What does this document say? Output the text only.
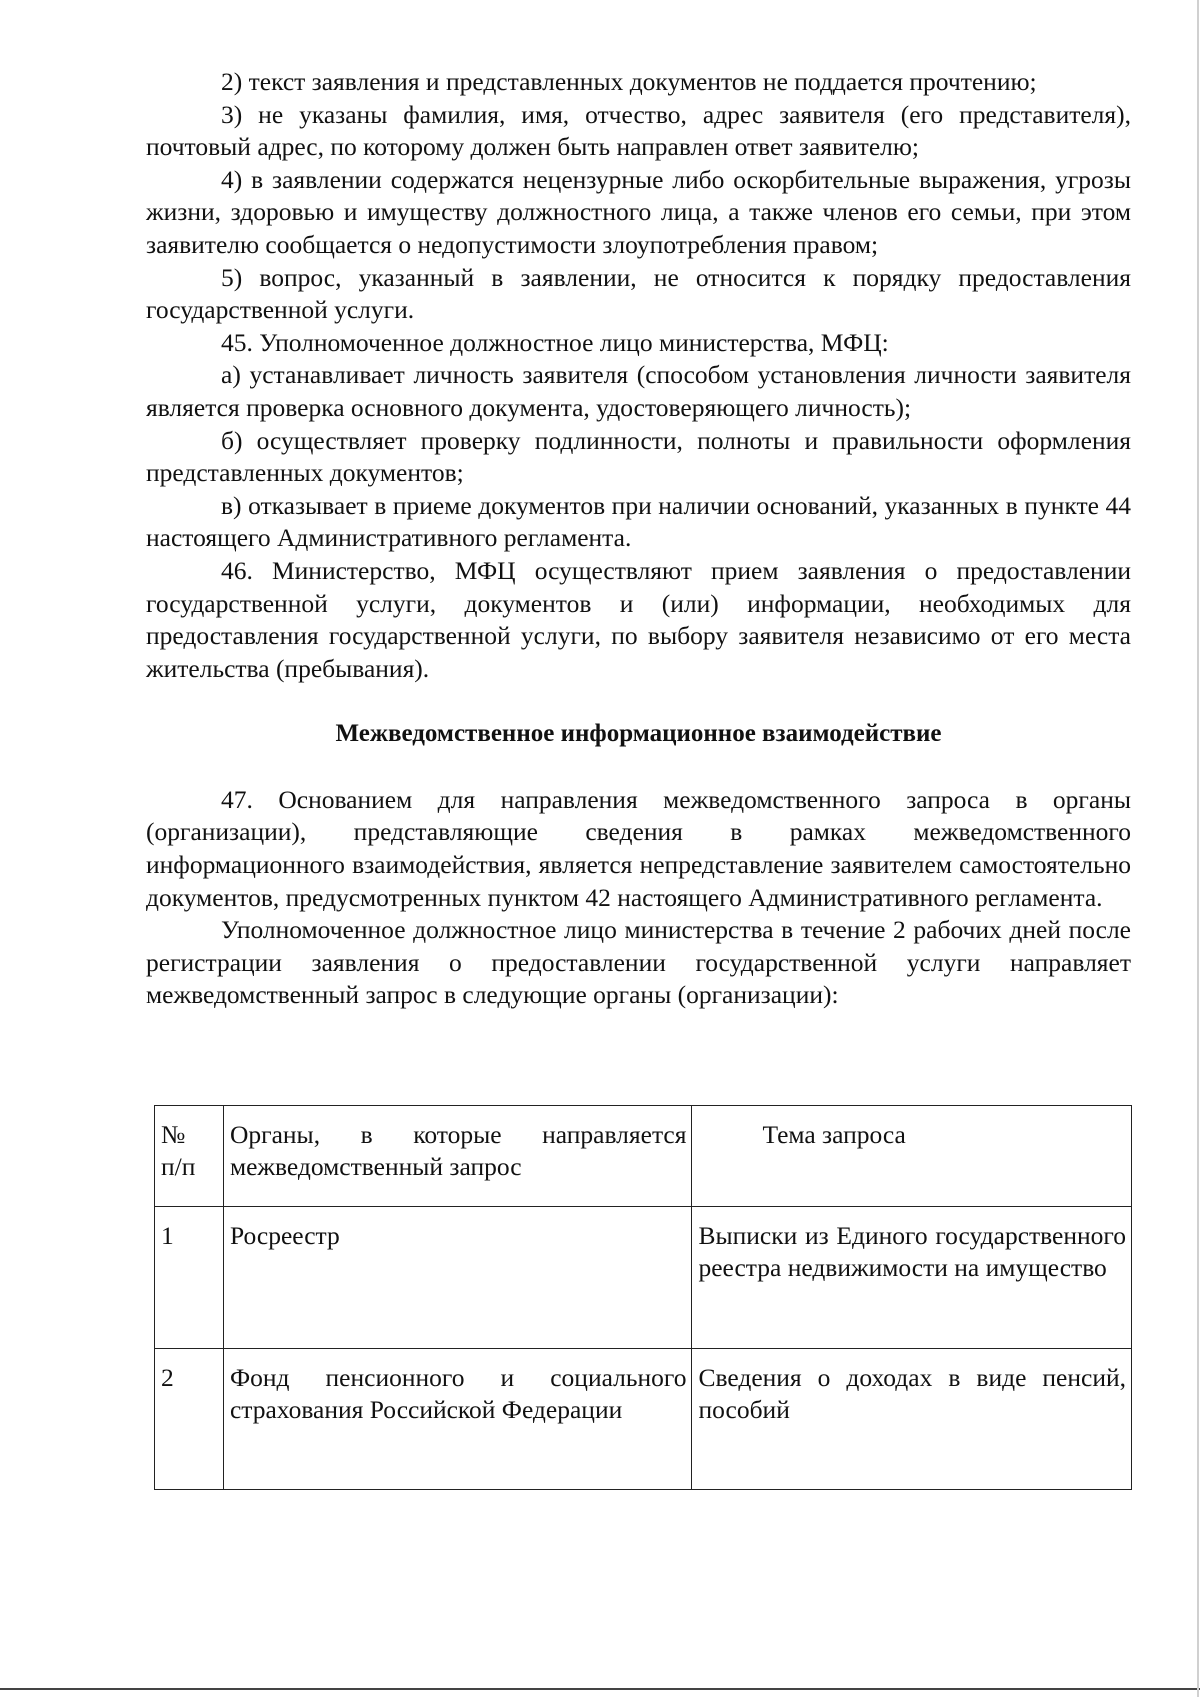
2) текст заявления и представленных документов не поддается прочтению;

3) не указаны фамилия, имя, отчество, адрес заявителя (его представителя), почтовый адрес, по которому должен быть направлен ответ заявителю;

4) в заявлении содержатся нецензурные либо оскорбительные выражения, угрозы жизни, здоровью и имуществу должностного лица, а также членов его семьи, при этом заявителю сообщается о недопустимости злоупотребления правом;

5) вопрос, указанный в заявлении, не относится к порядку предоставления государственной услуги.

45. Уполномоченное должностное лицо министерства, МФЦ:

а) устанавливает личность заявителя (способом установления личности заявителя является проверка основного документа, удостоверяющего личность);

б) осуществляет проверку подлинности, полноты и правильности оформления представленных документов;

в) отказывает в приеме документов при наличии оснований, указанных в пункте 44 настоящего Административного регламента.

46. Министерство, МФЦ осуществляют прием заявления о предоставлении государственной услуги, документов и (или) информации, необходимых для предоставления государственной услуги, по выбору заявителя независимо от его места жительства (пребывания).

Межведомственное информационное взаимодействие

47. Основанием для направления межведомственного запроса в органы (организации), представляющие сведения в рамках межведомственного информационного взаимодействия, является непредставление заявителем самостоятельно документов, предусмотренных пунктом 42 настоящего Административного регламента.

Уполномоченное должностное лицо министерства в течение 2 рабочих дней после регистрации заявления о предоставлении государственной услуги направляет межведомственный запрос в следующие органы (организации):

№
п/п	Органы, в которые направляется межведомственный запрос	Тема запроса
1	Росреестр	Выписки из Единого государственного реестра недвижимости на имущество
2	Фонд пенсионного и социального страхования Российской Федерации	Сведения о доходах в виде пенсий, пособий
